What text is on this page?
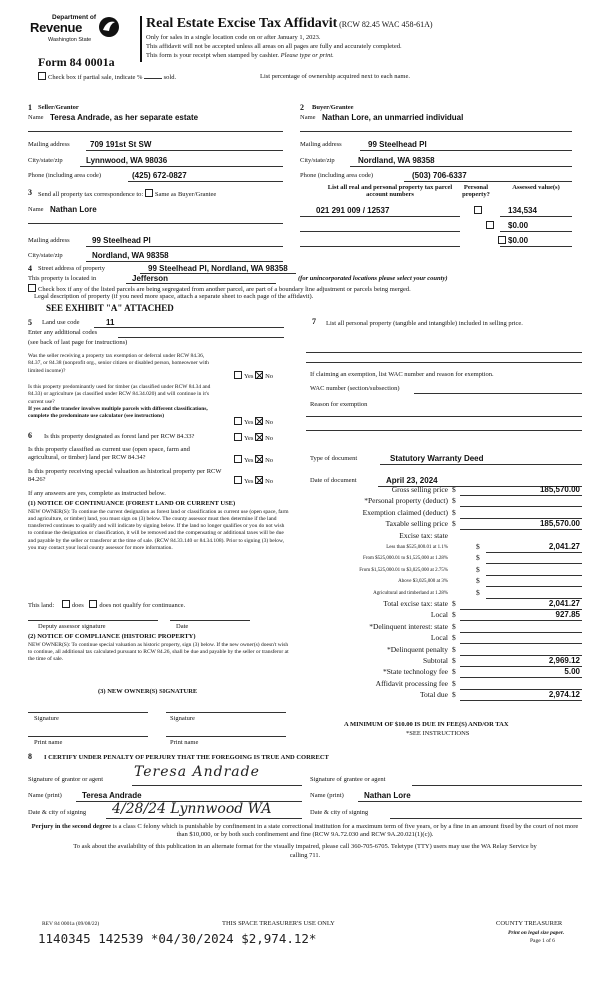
Department of
Revenue
Washington State
Form 84 0001a
Real Estate Excise Tax Affidavit (RCW 82.45 WAC 458-61A)
Only for sales in a single location code on or after January 1, 2023.
This affidavit will not be accepted unless all areas on all pages are fully and accurately completed.
This form is your receipt when stamped by cashier. Please type or print.
Check box if partial sale, indicate %	sold.	List percentage of ownership acquired next to each name.
1 Seller/Grantor
Name Teresa Andrade, as her separate estate
Mailing address	709 191st St SW
City/state/zip	Lynnwood, WA 98036
Phone (including area code)	(425) 672-0827
2 Buyer/Grantee
Name Nathan Lore, an unmarried individual
Mailing address	99 Steelhead Pl
City/state/zip	Nordland, WA 98358
Phone (including area code)	(503) 706-6337
3 Send all property tax correspondence to: Same as Buyer/Grantee
Name Nathan Lore
Mailing address	99 Steelhead Pl
City/state/zip	Nordland, WA 98358
List all real and personal property tax parcel account numbers
Personal property?
Assessed value(s)
021 291 009 / 12537
	134,534

$0.00
$0.00
4 Street address of property	99 Steelhead Pl, Nordland, WA 98358
This property is located in	Jefferson	(for unincorporated locations please select your county)
Check box if any of the listed parcels are being segregated from another parcel, are part of a boundary line adjustment or parcels being merged.
Legal description of property (if you need more space, attach a separate sheet to each page of the affidavit).
SEE EXHIBIT "A" ATTACHED
5 Land use code	11
Enter any additional codes
(see back of last page for instructions)
Was the seller receiving a property tax exemption or deferral under RCW 84.36, 84.37, or 84.38 (nonprofit org., senior citizen or disabled person, homeowner with limited income)?
Yes No
Is this property predominantly used for timber (as classified under RCW 84.34 and 84.33) or agriculture (as classified under RCW 84.34.020) and will continue in it's current use?
If yes and the transfer involves multiple parcels with different classifications, complete the predominate use calculator (see instructions)
Yes No
6 Is this property designated as forest land per RCW 84.33?	Yes No
Is this property classified as current use (open space, farm and agricultural, or timber) land per RCW 84.34?	Yes No
Is this property receiving special valuation as historical property per RCW 84.26?	Yes No
If any answers are yes, complete as instructed below.
(1) NOTICE OF CONTINUANCE (FOREST LAND OR CURRENT USE)
NEW OWNER(S): To continue the current designation as forest land or classification as current use (open space, farm and agriculture, or timber) land, you must sign on (3) below. The county assessor must then determine if the land transferred continues to qualify and will indicate by signing below. If the land no longer qualifies or you do not wish to continue the designation or classification, it will be removed and the compensating or additional taxes will be due and payable by the seller or transferor at the time of sale. (RCW 84.33.140 or 84.34.108). Prior to signing (3) below, you may contact your local county assessor for more information.
This land:	does does not qualify for continuance.
Deputy assessor signature	Date
(2) NOTICE OF COMPLIANCE (HISTORIC PROPERTY)
NEW OWNER(S): To continue special valuation as historic property, sign (3) below. If the new owner(s) doesn't wish to continue, all additional tax calculated pursuant to RCW 84.26, shall be due and payable by the seller or transferor at the time of sale.
(3) NEW OWNER(S) SIGNATURE
Signature	Signature
Print name	Print name
7	List all personal property (tangible and intangible) included in selling price.
If claiming an exemption, list WAC number and reason for exemption.
WAC number (section/subsection)
Reason for exemption
Type of document	Statutory Warranty Deed
Date of document	April 23, 2024
Gross selling price $	185,570.00
*Personal property (deduct) $
Exemption claimed (deduct) $
Taxable selling price $	185,570.00
Excise tax: state
Less than $525,000.01 at 1.1%	$	2,041.27
From $525,000.01 to $1,525,000 at 1.28%	$
From $1,525,000.01 to $3,025,000 at 2.75%	$
Above $3,025,000 at 3%	$
Agricultural and timberland at 1.28%	$
Total excise tax: state $	2,041.27
Local $	927.85
*Delinquent interest: state $
Local $
*Delinquent penalty $
Subtotal $	2,969.12
*State technology fee $	5.00
Affidavit processing fee $
Total due $	2,974.12
A MINIMUM OF $10.00 IS DUE IN FEE(S) AND/OR TAX
*SEE INSTRUCTIONS
8 I CERTIFY UNDER PENALTY OF PERJURY THAT THE FOREGOING IS TRUE AND CORRECT
Signature of grantor or agent Teresa Andrade	Signature of grantee or agent
Name (print)	Teresa Andrade	Name (print)	Nathan Lore
Date & city of signing 4/28/24 Lynnwood WA	Date & city of signing
Perjury in the second degree is a class C felony which is punishable by confinement in a state correctional institution for a maximum term of five years, or by a fine in an amount fixed by the court of not more than $10,000, or by both such confinement and fine (RCW 9A.72.030 and RCW 9A.20.021(1)(c)).
To ask about the availability of this publication in an alternate format for the visually impaired, please call 360-705-6705. Teletype (TTY) users may use the WA Relay Service by calling 711.
REV 84 0001a (09/08/22)	THIS SPACE TREASURER'S USE ONLY	COUNTY TREASURER
Print on legal size paper.
Page 1 of 6
1140345 142539 *04/30/2024 $2,974.12*
